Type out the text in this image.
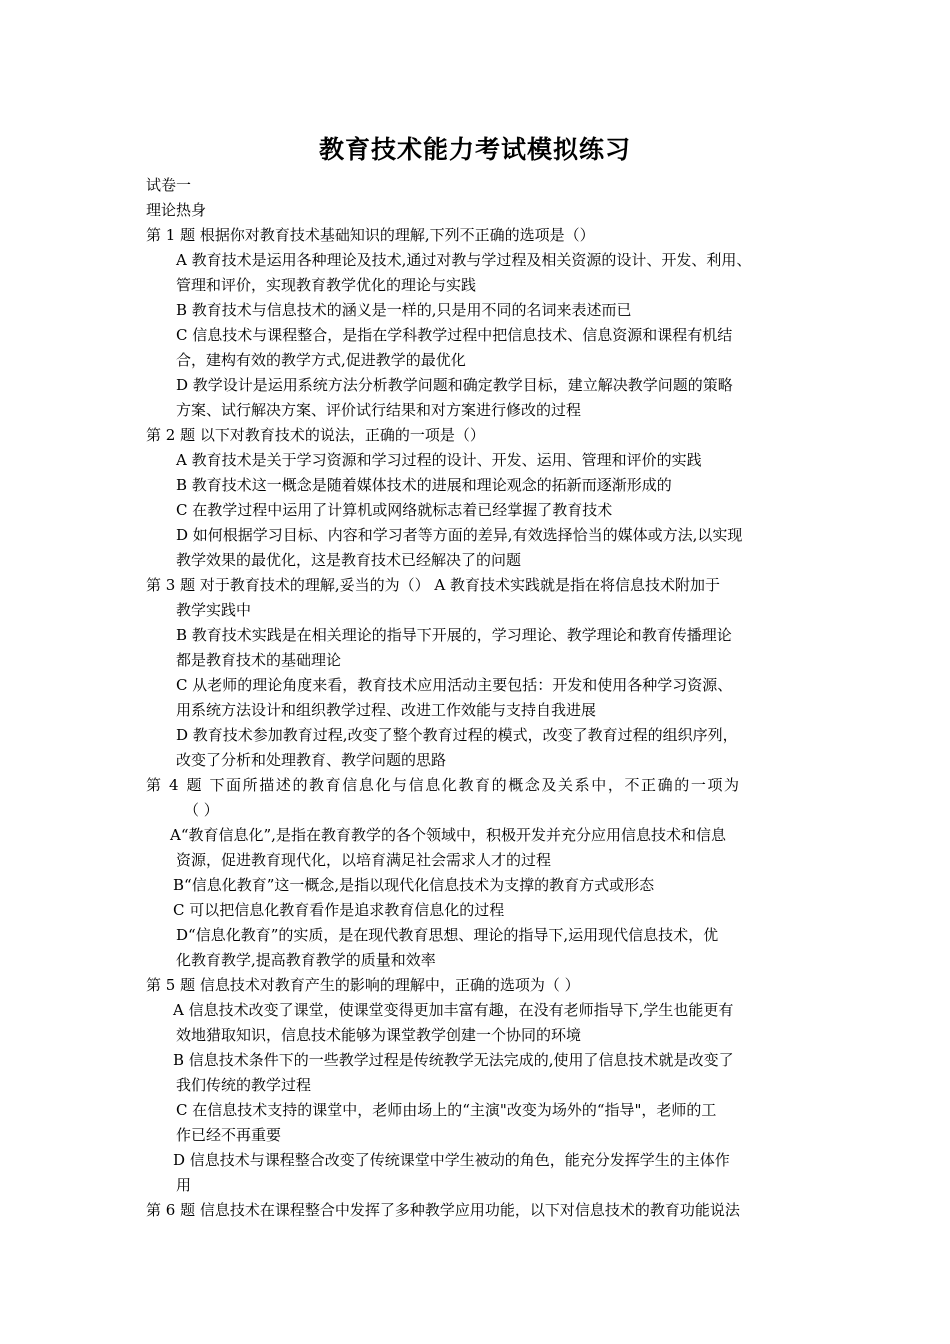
教育技术能力考试模拟练习
试卷一
理论热身
第 1 题 根据你对教育技术基础知识的理解,下列不正确的选项是（）
A 教育技术是运用各种理论及技术,通过对教与学过程及相关资源的设计、开发、利用、
管理和评价，实现教育教学优化的理论与实践
B 教育技术与信息技术的涵义是一样的,只是用不同的名词来表述而已
C 信息技术与课程整合，是指在学科教学过程中把信息技术、信息资源和课程有机结
合，建构有效的教学方式,促进教学的最优化
D 教学设计是运用系统方法分析教学问题和确定教学目标，建立解决教学问题的策略
方案、试行解决方案、评价试行结果和对方案进行修改的过程
第 2 题 以下对教育技术的说法，正确的一项是（）
A 教育技术是关于学习资源和学习过程的设计、开发、运用、管理和评价的实践
B 教育技术这一概念是随着媒体技术的进展和理论观念的拓新而逐渐形成的
C 在教学过程中运用了计算机或网络就标志着已经掌握了教育技术
D 如何根据学习目标、内容和学习者等方面的差异,有效选择恰当的媒体或方法,以实现
教学效果的最优化，这是教育技术已经解决了的问题
第 3 题 对于教育技术的理解,妥当的为（） A 教育技术实践就是指在将信息技术附加于
教学实践中
B 教育技术实践是在相关理论的指导下开展的，学习理论、教学理论和教育传播理论
都是教育技术的基础理论
C 从老师的理论角度来看，教育技术应用活动主要包括：开发和使用各种学习资源、
用系统方法设计和组织教学过程、改进工作效能与支持自我进展
D 教育技术参加教育过程,改变了整个教育过程的模式，改变了教育过程的组织序列，
改变了分析和处理教育、教学问题的思路
第 4 题 下面所描述的教育信息化与信息化教育的概念及关系中，不正确的一项为
（ ）
A“教育信息化”,是指在教育教学的各个领域中，积极开发并充分应用信息技术和信息
资源，促进教育现代化，以培育满足社会需求人才的过程
B“信息化教育”这一概念,是指以现代化信息技术为支撑的教育方式或形态
C 可以把信息化教育看作是追求教育信息化的过程
D“信息化教育”的实质，是在现代教育思想、理论的指导下,运用现代信息技术，优
化教育教学,提高教育教学的质量和效率
第 5 题 信息技术对教育产生的影响的理解中，正确的选项为（ ）
A 信息技术改变了课堂，使课堂变得更加丰富有趣，在没有老师指导下,学生也能更有
效地猎取知识，信息技术能够为课堂教学创建一个协同的环境
B 信息技术条件下的一些教学过程是传统教学无法完成的,使用了信息技术就是改变了
我们传统的教学过程
C 在信息技术支持的课堂中，老师由场上的“主演"改变为场外的“指导"，老师的工
作已经不再重要
D 信息技术与课程整合改变了传统课堂中学生被动的角色，能充分发挥学生的主体作
用
第 6 题 信息技术在课程整合中发挥了多种教学应用功能，以下对信息技术的教育功能说法
